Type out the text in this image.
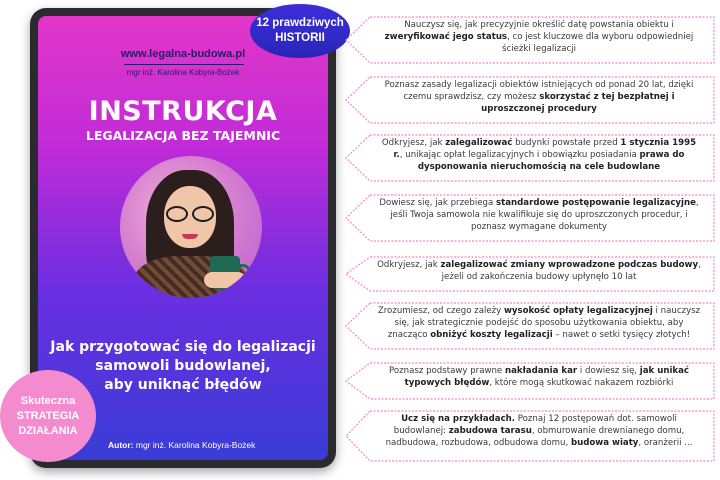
www.legalna-budowa.pl
mgr inż. Karolina Kobyra-Bożek
INSTRUKCJA
LEGALIZACJA BEZ TAJEMNIC
Jak przygotować się do legalizacji
samowoli budowlanej,
aby uniknąć błędów
Autor: mgr inż. Karolina Kobyra-Bożek
12 prawdziwych
HISTORII
Skuteczna
STRATEGIA
DZIAŁANIA
Nauczysz się, jak precyzyjnie określić datę powstania obiektu i zweryfikować jego status, co jest kluczowe dla wyboru odpowiedniej ścieżki legalizacji
Poznasz zasady legalizacji obiektów istniejących od ponad 20 lat, dzięki czemu sprawdzisz, czy możesz skorzystać z tej bezpłatnej i uproszczonej procedury
Odkryjesz, jak zalegalizować budynki powstałe przed 1 stycznia 1995 r., unikając opłat legalizacyjnych i obowiązku posiadania prawa do dysponowania nieruchomością na cele budowlane
Dowiesz się, jak przebiega standardowe postępowanie legalizacyjne, jeśli Twoja samowola nie kwalifikuje się do uproszczonych procedur, i poznasz wymagane dokumenty
Odkryjesz, jak zalegalizować zmiany wprowadzone podczas budowy, jeżeli od zakończenia budowy upłynęło 10 lat
Zrozumiesz, od czego zależy wysokość opłaty legalizacyjnej i nauczysz się, jak strategicznie podejść do sposobu użytkowania obiektu, aby znacząco obniżyć koszty legalizacji – nawet o setki tysięcy złotych!
Poznasz podstawy prawne nakładania kar i dowiesz się, jak unikać typowych błędów, które mogą skutkować nakazem rozbiórki
Ucz się na przykładach. Poznaj 12 postępowań dot. samowoli budowlanej: zabudowa tarasu, obmurowanie drewnianego domu, nadbudowa, rozbudowa, odbudowa domu, budowa wiaty, oranżerii ...
